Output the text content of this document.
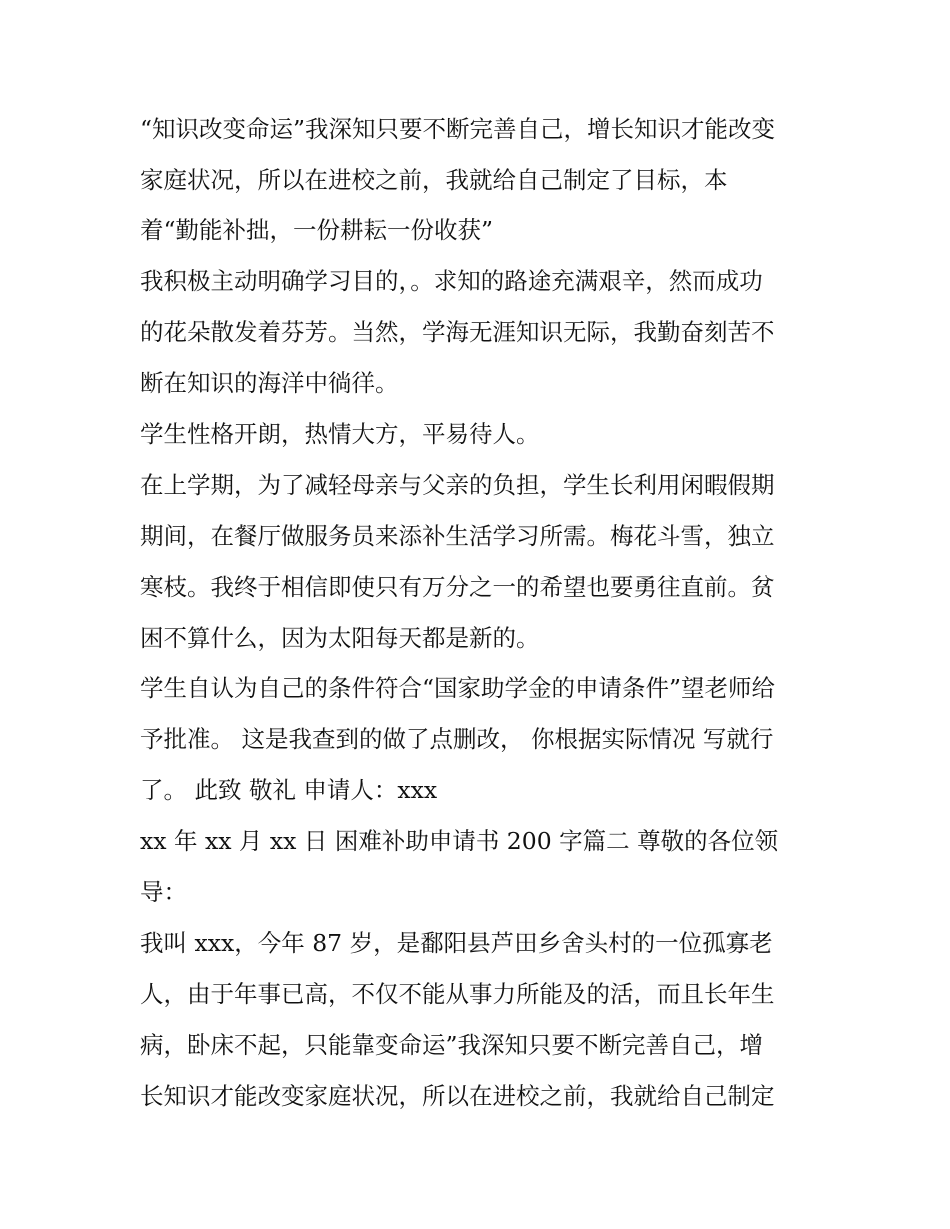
“知识改变命运”我深知只要不断完善自己，增长知识才能改变
家庭状况，所以在进校之前，我就给自己制定了目标，本
着“勤能补拙，一份耕耘一份收获”
我积极主动明确学习目的，。求知的路途充满艰辛，然而成功
的花朵散发着芬芳。当然，学海无涯知识无际，我勤奋刻苦不
断在知识的海洋中徜徉。
学生性格开朗，热情大方，平易待人。
在上学期，为了减轻母亲与父亲的负担，学生长利用闲暇假期
期间，在餐厅做服务员来添补生活学习所需。梅花斗雪，独立
寒枝。我终于相信即使只有万分之一的希望也要勇往直前。贫
困不算什么，因为太阳每天都是新的。
学生自认为自己的条件符合“国家助学金的申请条件”望老师给
予批准。 这是我查到的做了点删改， 你根据实际情况 写就行
了。 此致 敬礼 申请人：xxx
xx 年 xx 月 xx 日 困难补助申请书 200 字篇二 尊敬的各位领
导：
我叫 xxx，今年 87 岁，是鄱阳县芦田乡舍头村的一位孤寡老
人，由于年事已高，不仅不能从事力所能及的活，而且长年生
病，卧床不起，只能靠变命运”我深知只要不断完善自己，增
长知识才能改变家庭状况，所以在进校之前，我就给自己制定
